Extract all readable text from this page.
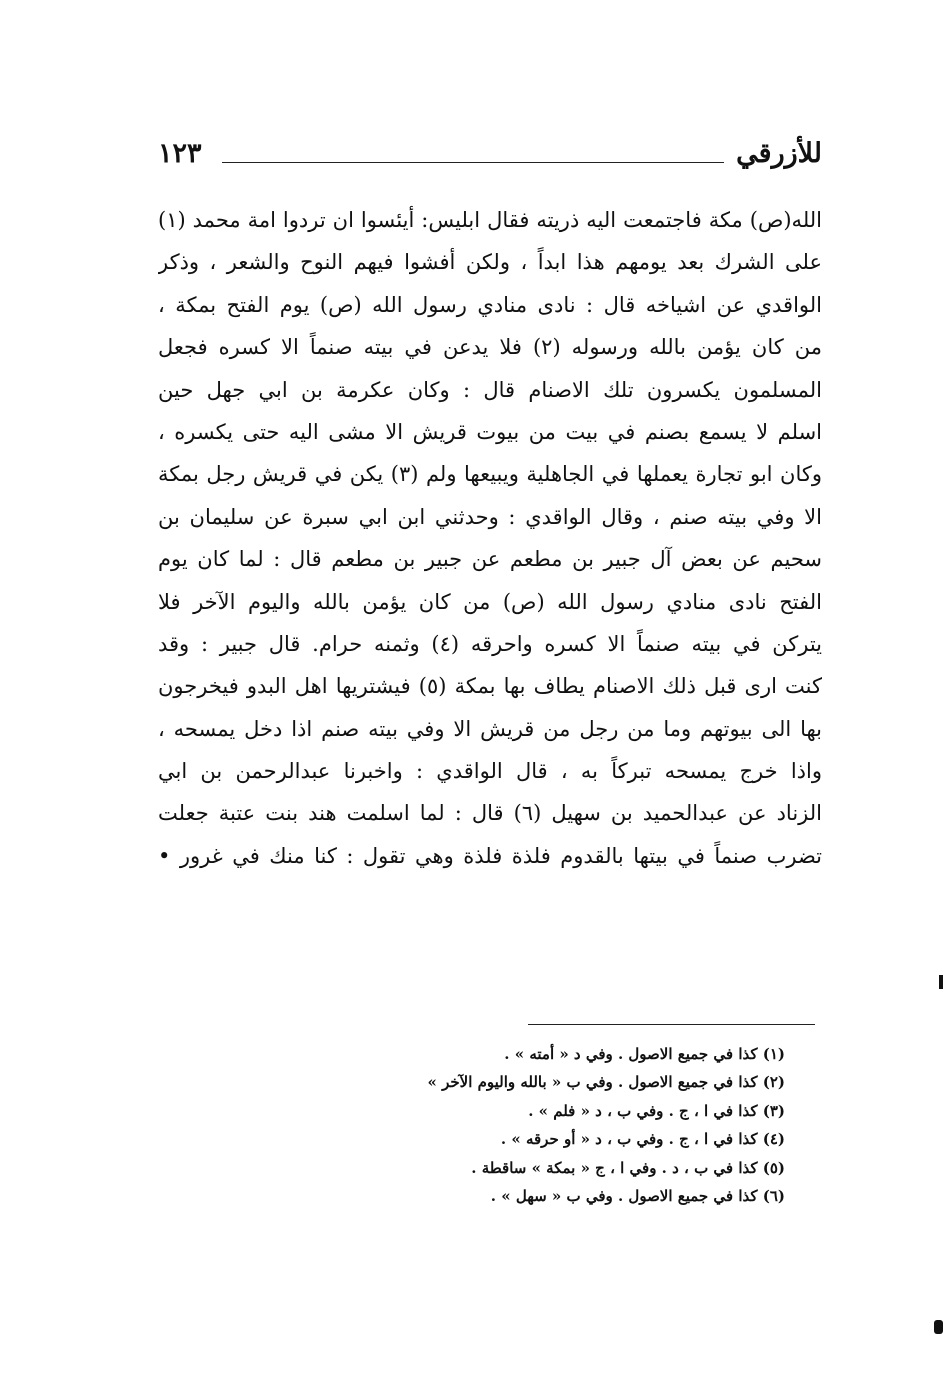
للأزرقي
١٢٣
الله(ص) مكة فاجتمعت اليه ذريته فقال ابليس: أيئسوا ان تردوا امة محمد (١)
على الشرك بعد يومهم هذا ابداً ، ولكن أفشوا فيهم النوح والشعر ، وذكر
الواقدي عن اشياخه قال : نادى منادي رسول الله (ص) يوم الفتح بمكة ،
من كان يؤمن بالله ورسوله (٢) فلا يدعن في بيته صنماً الا كسره فجعل
المسلمون يكسرون تلك الاصنام قال : وكان عكرمة بن ابي جهل حين
اسلم لا يسمع بصنم في بيت من بيوت قريش الا مشى اليه حتى يكسره ،
وكان ابو تجارة يعملها في الجاهلية ويبيعها ولم (٣) يكن في قريش رجل بمكة
الا وفي بيته صنم ، وقال الواقدي : وحدثني ابن ابي سبرة عن سليمان بن
سحيم عن بعض آل جبير بن مطعم عن جبير بن مطعم قال : لما كان يوم
الفتح نادى منادي رسول الله (ص) من كان يؤمن بالله واليوم الآخر فلا
يتركن في بيته صنماً الا كسره واحرقه (٤) وثمنه حرام. قال جبير : وقد
كنت ارى قبل ذلك الاصنام يطاف بها بمكة (٥) فيشتريها اهل البدو فيخرجون
بها الى بيوتهم وما من رجل من قريش الا وفي بيته صنم اذا دخل يمسحه ،
واذا خرج يمسحه تبركاً به ، قال الواقدي : واخبرنا عبدالرحمن بن ابي
الزناد عن عبدالحميد بن سهيل (٦) قال : لما اسلمت هند بنت عتبة جعلت
تضرب صنماً في بيتها بالقدوم فلذة فلذة وهي تقول : كنا منك في غرور •
(١) كذا في جميع الاصول . وفي د « أمته » .
(٢) كذا في جميع الاصول . وفي ب « بالله واليوم الآخر »
(٣) كذا في ا ، ج . وفي ب ، د « فلم » .
(٤) كذا في ا ، ج . وفي ب ، د « أو حرقه » .
(٥) كذا في ب ، د . وفي ا ، ج « بمكة » ساقطة .
(٦) كذا في جميع الاصول . وفي ب « سهل » .
